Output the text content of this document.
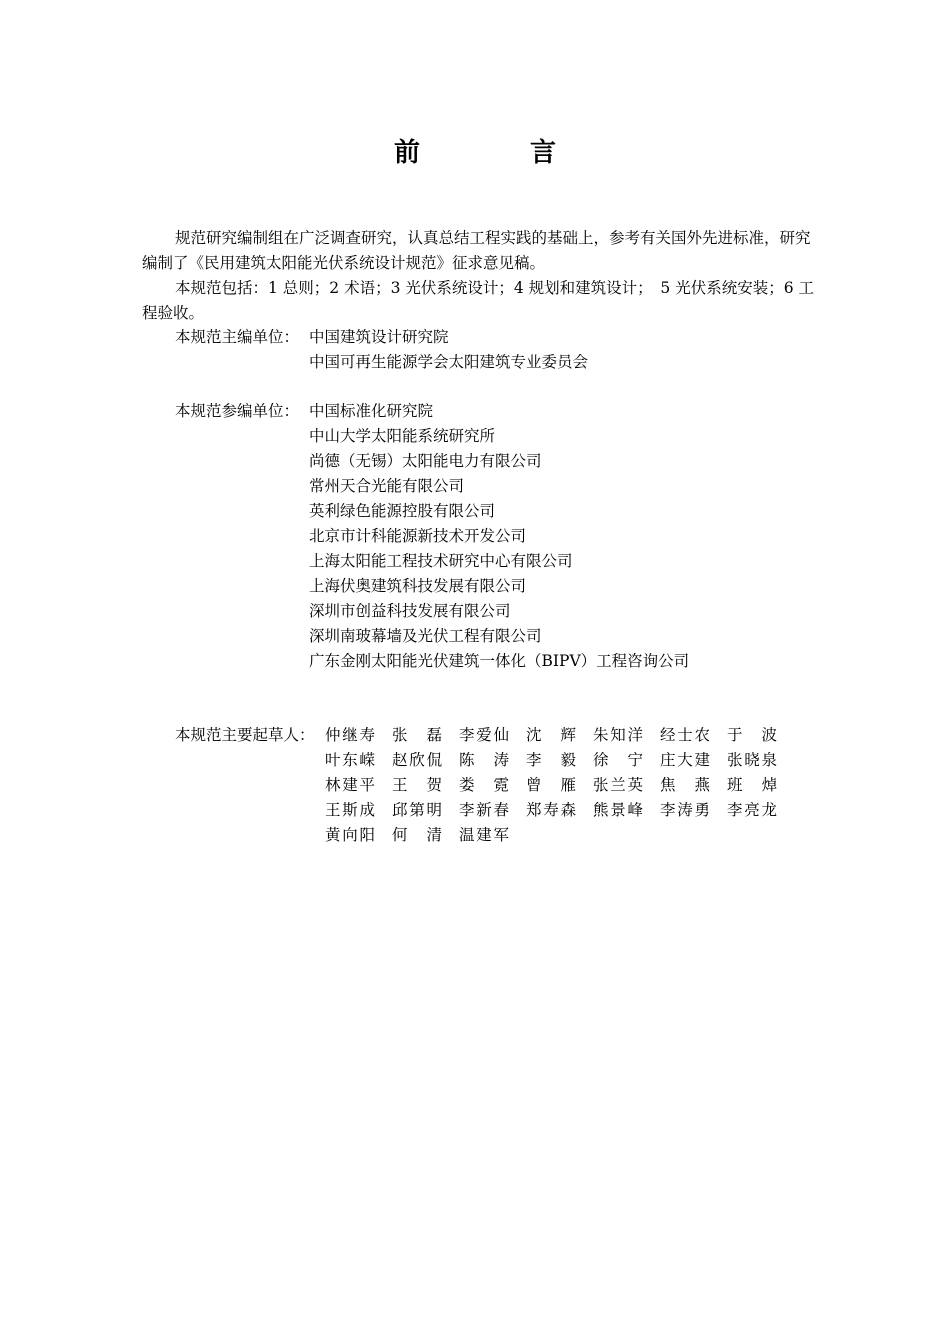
前　言

规范研究编制组在广泛调查研究，认真总结工程实践的基础上，参考有关国外先进标准，研究编制了《民用建筑太阳能光伏系统设计规范》征求意见稿。

本规范包括：1 总则；2 术语；3 光伏系统设计；4 规划和建筑设计；　5 光伏系统安装；6 工程验收。

本规范主编单位： 中国建筑设计研究院
中国可再生能源学会太阳建筑专业委员会
本规范参编单位： 中国标准化研究院
中山大学太阳能系统研究所
尚德（无锡）太阳能电力有限公司
常州天合光能有限公司
英利绿色能源控股有限公司
北京市计科能源新技术开发公司
上海太阳能工程技术研究中心有限公司
上海伏奥建筑科技发展有限公司
深圳市创益科技发展有限公司
深圳南玻幕墙及光伏工程有限公司
广东金刚太阳能光伏建筑一体化（BIPV）工程咨询公司
本规范主要起草人： 仲继寿 张磊 李爱仙 沈辉 朱知洋 经士农 于波
叶东嵘 赵欣侃 陈涛 李毅 徐宁 庄大建 张晓泉
林建平 王贺 娄霓 曾雁 张兰英 焦燕 班焯
王斯成 邱第明 李新春 郑寿森 熊景峰 李涛勇 李亮龙
黄向阳 何清 温建军
